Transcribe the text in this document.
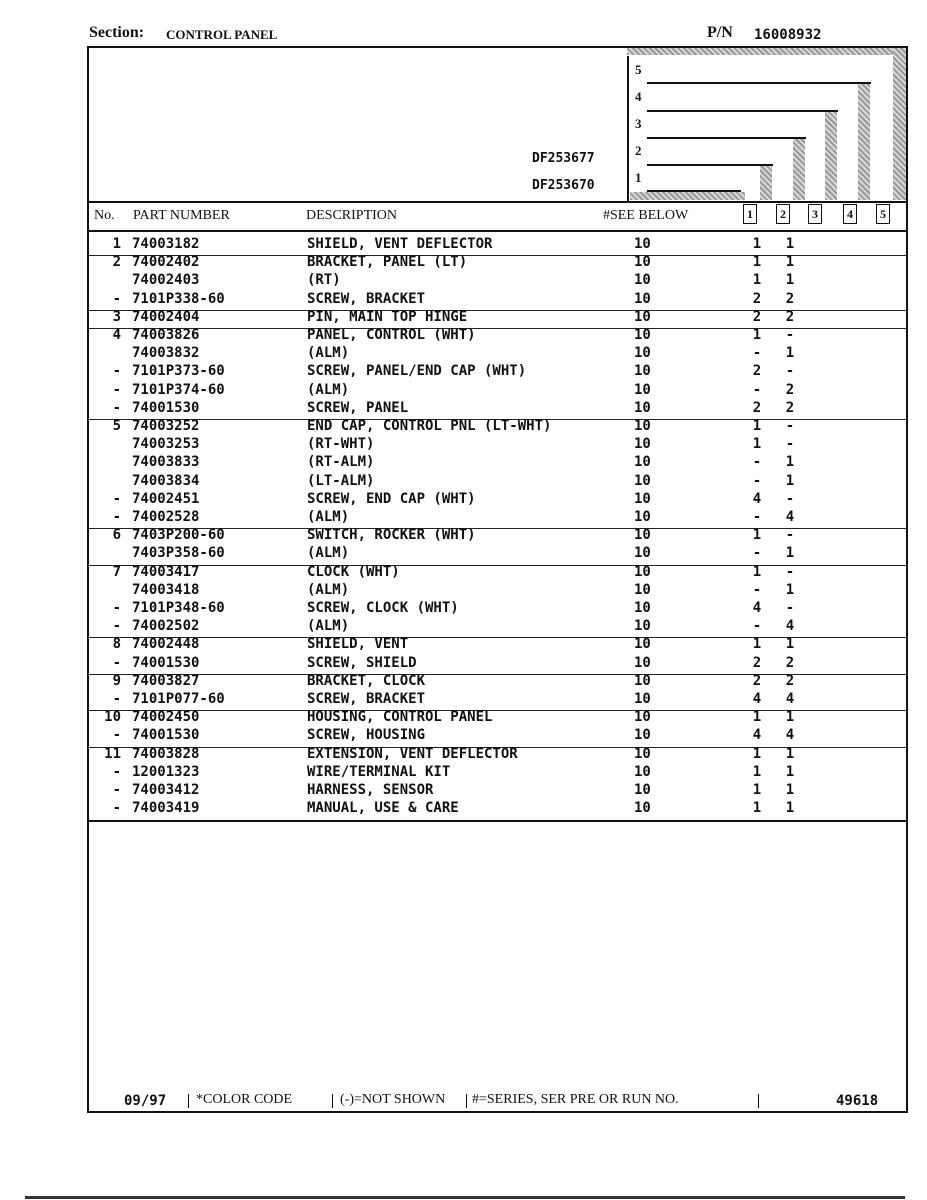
Section: CONTROL PANEL	P/N 16008932
5
4
3
2
1
DF253677
DF253670
No. PART NUMBER	DESCRIPTION	#SEE BELOW	1	2	3	4	5
1 74003182	SHIELD, VENT DEFLECTOR	10	1 1
2 74002402	BRACKET, PANEL (LT)	10	1 1
74002403	(RT)	10	1 1
- 7101P338-60	SCREW, BRACKET	10	2 2
3 74002404	PIN, MAIN TOP HINGE	10	2 2
4 74003826	PANEL, CONTROL (WHT)	10	1 -
74003832	(ALM)	10	- 1
- 7101P373-60	SCREW, PANEL/END CAP (WHT)	10	2 -
- 7101P374-60	(ALM)	10	- 2
- 74001530	SCREW, PANEL	10	2 2
5 74003252	END CAP, CONTROL PNL (LT-WHT)	10	1 -
74003253	(RT-WHT)	10	1 -
74003833	(RT-ALM)	10	- 1
74003834	(LT-ALM)	10	- 1
- 74002451	SCREW, END CAP (WHT)	10	4 -
- 74002528	(ALM)	10	- 4
6 7403P200-60	SWITCH, ROCKER (WHT)	10	1 -
7403P358-60	(ALM)	10	- 1
7 74003417	CLOCK (WHT)	10	1 -
74003418	(ALM)	10	- 1
- 7101P348-60	SCREW, CLOCK (WHT)	10	4 -
- 74002502	(ALM)	10	- 4
8 74002448	SHIELD, VENT	10	1 1
- 74001530	SCREW, SHIELD	10	2 2
9 74003827	BRACKET, CLOCK	10	2 2
- 7101P077-60	SCREW, BRACKET	10	4 4
10 74002450	HOUSING, CONTROL PANEL	10	1 1
- 74001530	SCREW, HOUSING	10	4 4
11 74003828	EXTENSION, VENT DEFLECTOR	10	1 1
- 12001323	WIRE/TERMINAL KIT	10	1 1
- 74003412	HARNESS, SENSOR	10	1 1
- 74003419	MANUAL, USE & CARE	10	1 1
09/97 *COLOR CODE	(-)=NOT SHOWN #=SERIES, SER PRE OR RUN NO.	49618
